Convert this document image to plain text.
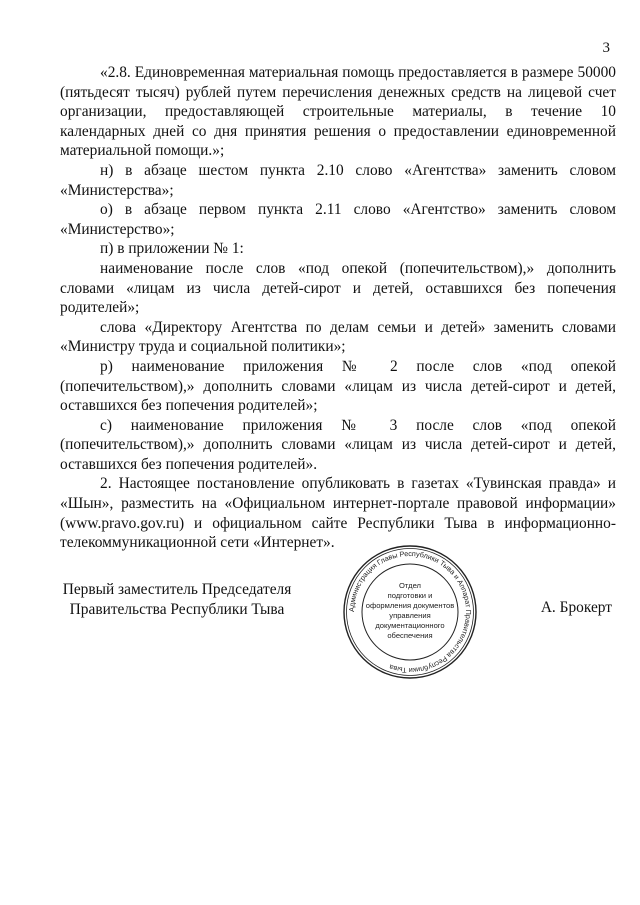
3

«2.8. Единовременная материальная помощь предоставляется в размере 50000 (пятьдесят тысяч) рублей путем перечисления денежных средств на лицевой счет организации, предоставляющей строительные материалы, в течение 10 календарных дней со дня принятия решения о предоставлении единовременной материальной помощи.»;

н) в абзаце шестом пункта 2.10 слово «Агентства» заменить словом «Министерства»;

о) в абзаце первом пункта 2.11 слово «Агентство» заменить словом «Министерство»;

п) в приложении № 1:

наименование после слов «под опекой (попечительством),» дополнить словами «лицам из числа детей-сирот и детей, оставшихся без попечения родителей»;

слова «Директору Агентства по делам семьи и детей» заменить словами «Министру труда и социальной политики»;

р) наименование приложения № 2 после слов «под опекой (попечительством),» дополнить словами «лицам из числа детей-сирот и детей, оставшихся без попечения родителей»;

с) наименование приложения № 3 после слов «под опекой (попечительством),» дополнить словами «лицам из числа детей-сирот и детей, оставшихся без попечения родителей».

2. Настоящее постановление опубликовать в газетах «Тувинская правда» и «Шын», разместить на «Официальном интернет-портале правовой информации» (www.pravo.gov.ru) и официальном сайте Республики Тыва в информационно-телекоммуникационной сети «Интернет».

Первый заместитель Председателя
Правительства Республики Тыва	Администрация Главы Республики Тыва и Аппарат Правительства Республики Тыва
Отдел
подготовки и
оформления документов
управления
документационного
обеспечения
А. Брокерт
